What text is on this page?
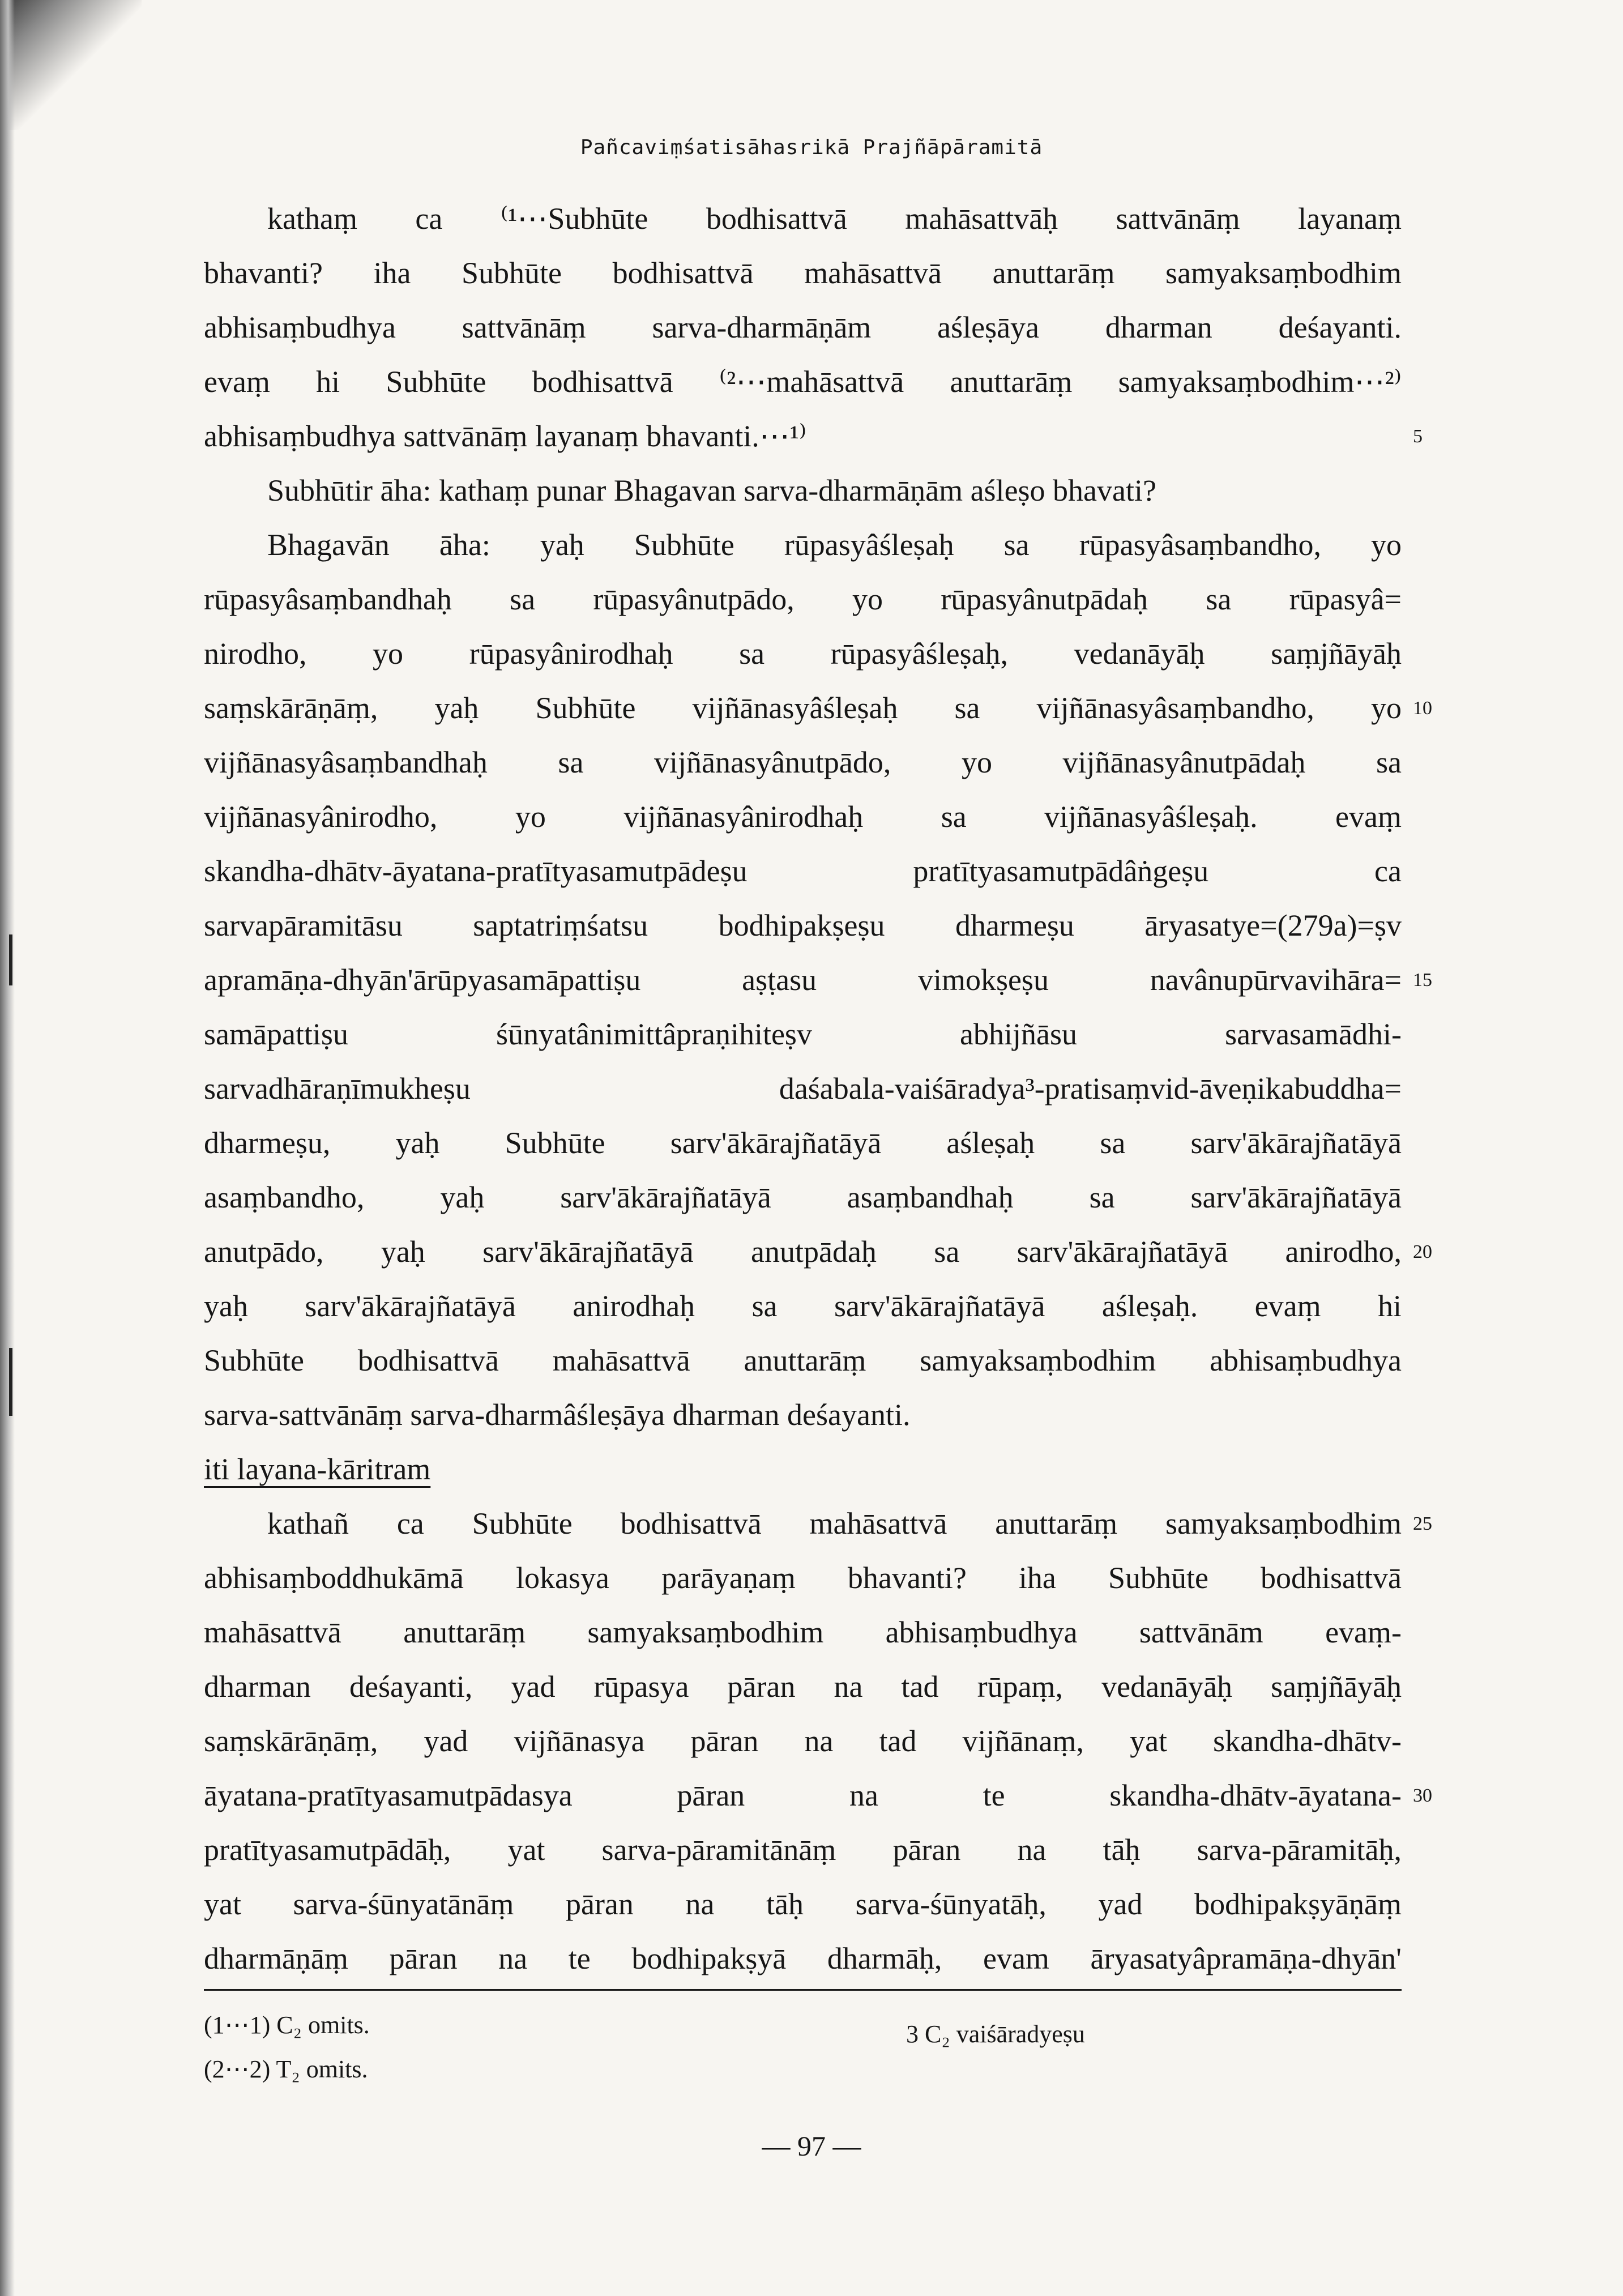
Pañcaviṃśatisāhasrikā Prajñāpāramitā
kathaṃ ca ⁽¹⋯Subhūte bodhisattvā mahāsattvāḥ sattvānāṃ layanaṃ
bhavanti? iha Subhūte bodhisattvā mahāsattvā anuttarāṃ samyaksaṃbodhim
abhisaṃbudhya sattvānāṃ sarva-dharmāṇām aśleṣāya dharman deśayanti.
evaṃ hi Subhūte bodhisattvā ⁽²⋯mahāsattvā anuttarāṃ samyaksaṃbodhim⋯²⁾
abhisaṃbudhya sattvānāṃ layanaṃ bhavanti.⋯¹⁾
Subhūtir āha: kathaṃ punar Bhagavan sarva-dharmāṇām aśleṣo bhavati?
Bhagavān āha: yaḥ Subhūte rūpasyâśleṣaḥ sa rūpasyâsaṃbandho, yo
rūpasyâsaṃbandhaḥ sa rūpasyânutpādo, yo rūpasyânutpādaḥ sa rūpasyâ=
nirodho, yo rūpasyânirodhaḥ sa rūpasyâśleṣaḥ, vedanāyāḥ saṃjñāyāḥ
saṃskārāṇāṃ, yaḥ Subhūte vijñānasyâśleṣaḥ sa vijñānasyâsaṃbandho, yo
vijñānasyâsaṃbandhaḥ sa vijñānasyânutpādo, yo vijñānasyânutpādaḥ sa
vijñānasyânirodho, yo vijñānasyânirodhaḥ sa vijñānasyâśleṣaḥ. evaṃ
skandha-dhātv-āyatana-pratītyasamutpādeṣu pratītyasamutpādâṅgeṣu ca
sarvapāramitāsu saptatriṃśatsu bodhipakṣeṣu dharmeṣu āryasatye=(279a)=ṣv
apramāṇa-dhyān'ārūpyasamāpattiṣu aṣṭasu vimokṣeṣu navânupūrvavihāra=
samāpattiṣu śūnyatânimittâpraṇihiteṣv abhijñāsu sarvasamādhi-
sarvadhāraṇīmukheṣu daśabala-vaiśāradya³-pratisaṃvid-āveṇikabuddha=
dharmeṣu, yaḥ Subhūte sarv'ākārajñatāyā aśleṣaḥ sa sarv'ākārajñatāyā
asaṃbandho, yaḥ sarv'ākārajñatāyā asaṃbandhaḥ sa sarv'ākārajñatāyā
anutpādo, yaḥ sarv'ākārajñatāyā anutpādaḥ sa sarv'ākārajñatāyā anirodho,
yaḥ sarv'ākārajñatāyā anirodhaḥ sa sarv'ākārajñatāyā aśleṣaḥ. evaṃ hi
Subhūte bodhisattvā mahāsattvā anuttarāṃ samyaksaṃbodhim abhisaṃbudhya
sarva-sattvānāṃ sarva-dharmâśleṣāya dharman deśayanti.
iti layana-kāritram
kathañ ca Subhūte bodhisattvā mahāsattvā anuttarāṃ samyaksaṃbodhim
abhisaṃboddhukāmā lokasya parāyaṇaṃ bhavanti? iha Subhūte bodhisattvā
mahāsattvā anuttarāṃ samyaksaṃbodhim abhisaṃbudhya sattvānām evaṃ-
dharman deśayanti, yad rūpasya pāran na tad rūpaṃ, vedanāyāḥ saṃjñāyāḥ
saṃskārāṇāṃ, yad vijñānasya pāran na tad vijñānaṃ, yat skandha-dhātv-
āyatana-pratītyasamutpādasya pāran na te skandha-dhātv-āyatana-
pratītyasamutpādāḥ, yat sarva-pāramitānāṃ pāran na tāḥ sarva-pāramitāḥ,
yat sarva-śūnyatānāṃ pāran na tāḥ sarva-śūnyatāḥ, yad bodhipakṣyāṇāṃ
dharmāṇāṃ pāran na te bodhipakṣyā dharmāḥ, evam āryasatyâpramāṇa-dhyān'
5
10
15
20
25
30
(1⋯1) C₂ omits.
(2⋯2) T₂ omits.
3 C₂ vaiśāradyeṣu
— 97 —
